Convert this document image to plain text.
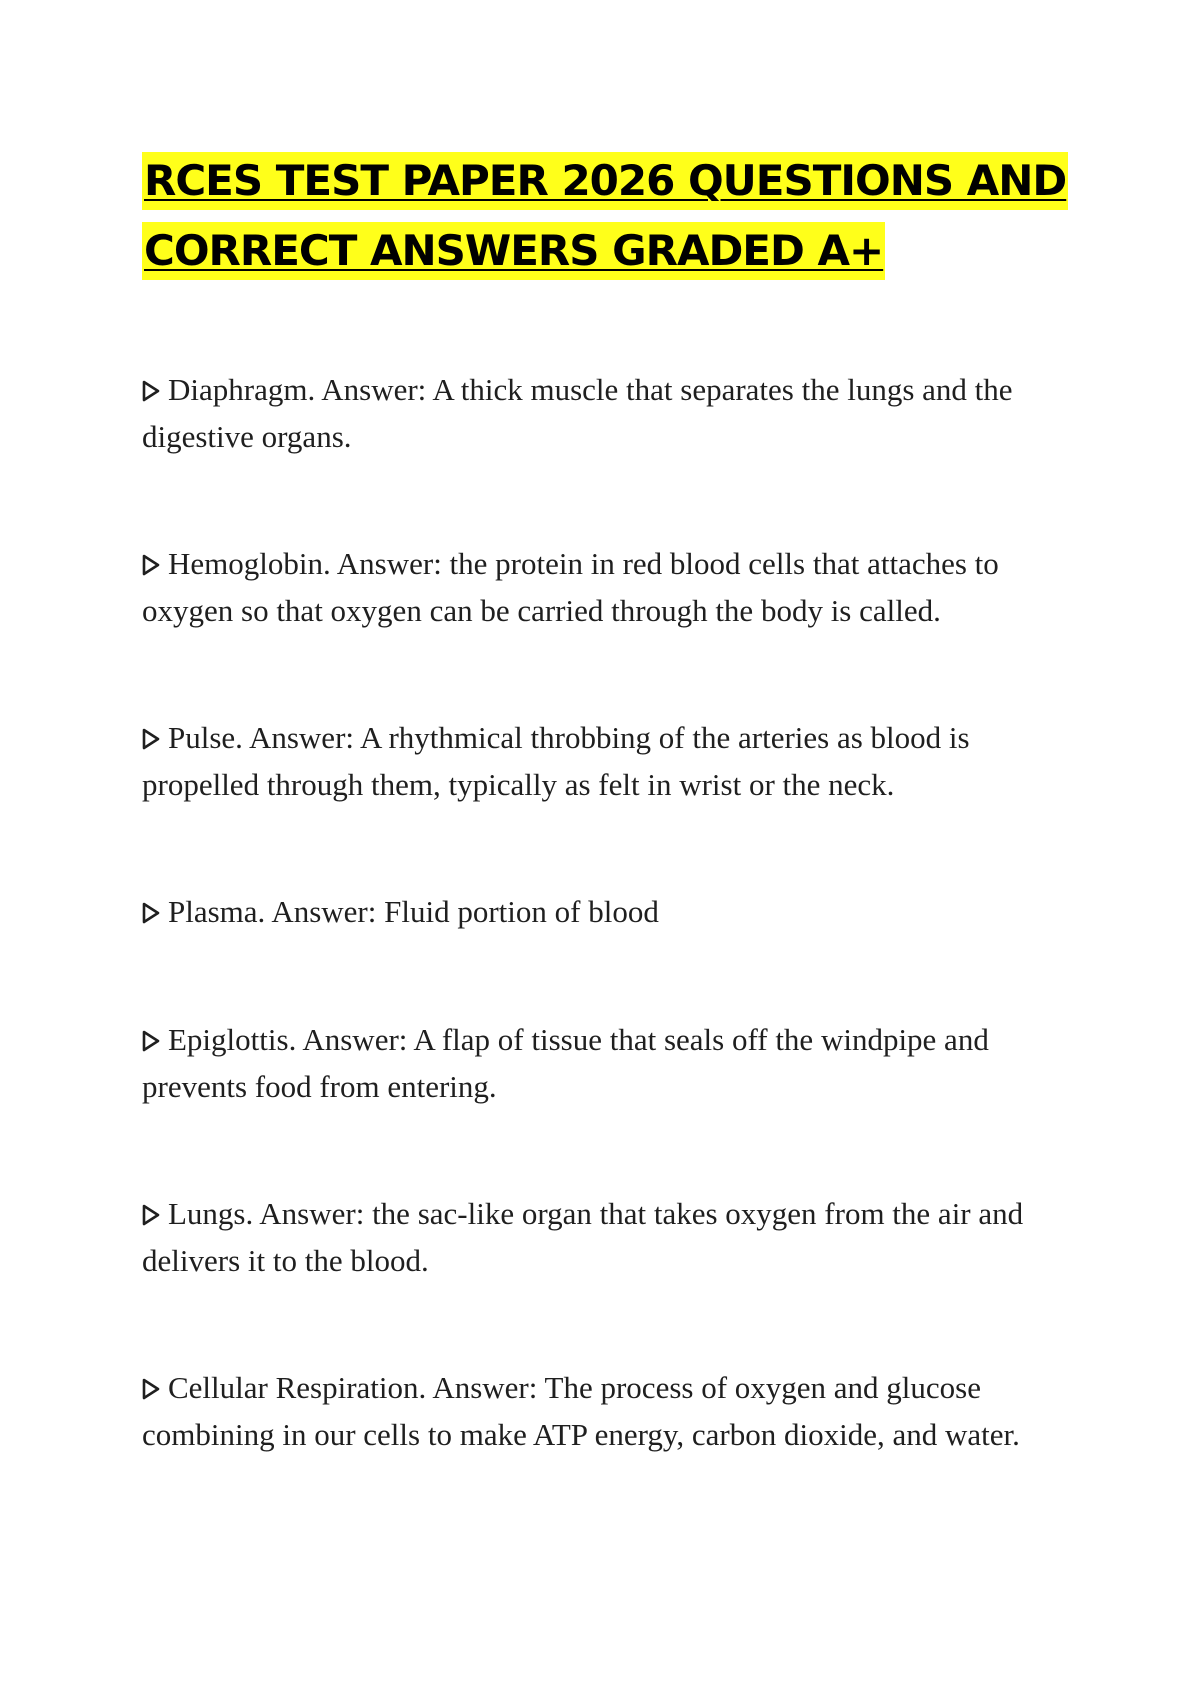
RCES TEST PAPER 2026 QUESTIONS AND
CORRECT ANSWERS GRADED A+
Diaphragm. Answer: A thick muscle that separates the lungs and the digestive organs.
Hemoglobin. Answer: the protein in red blood cells that attaches to oxygen so that oxygen can be carried through the body is called.
Pulse. Answer: A rhythmical throbbing of the arteries as blood is propelled through them, typically as felt in wrist or the neck.
Plasma. Answer: Fluid portion of blood
Epiglottis. Answer: A flap of tissue that seals off the windpipe and prevents food from entering.
Lungs. Answer: the sac-like organ that takes oxygen from the air and delivers it to the blood.
Cellular Respiration. Answer: The process of oxygen and glucose combining in our cells to make ATP energy, carbon dioxide, and water.
